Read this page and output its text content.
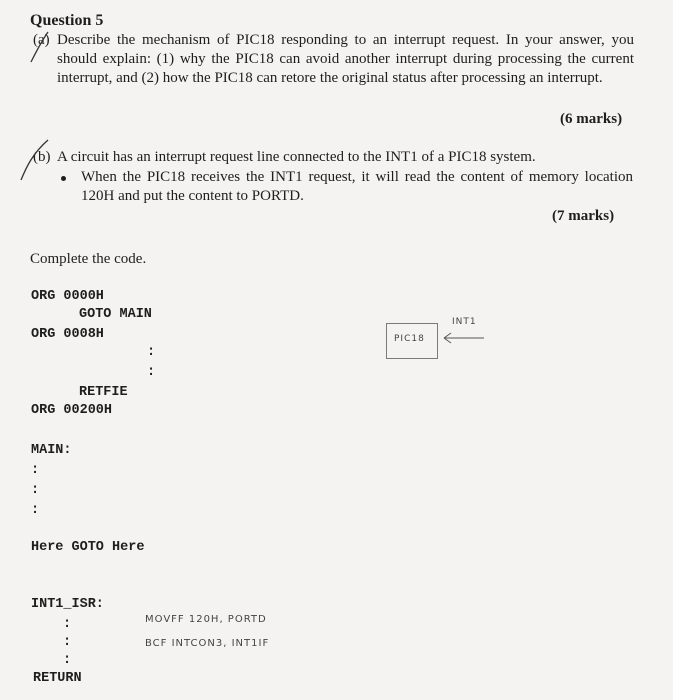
Question 5
(a) Describe the mechanism of PIC18 responding to an interrupt request. In your answer, you should explain: (1) why the PIC18 can avoid another interrupt during processing the current interrupt, and (2) how the PIC18 can retore the original status after processing an interrupt.
(6 marks)
(b) A circuit has an interrupt request line connected to the INT1 of a PIC18 system.
When the PIC18 receives the INT1 request, it will read the content of memory location 120H and put the content to PORTD.
(7 marks)
Complete the code.
ORG 0000H
GOTO MAIN
ORG 0008H
:
:
RETFIE
ORG 00200H
MAIN:
:
:
:
Here GOTO Here
INT1_ISR:
:
:
:
RETURN
MOVFF 120H, PORTD
BCF INTCON3, INT1IF
PIC18
INT1
